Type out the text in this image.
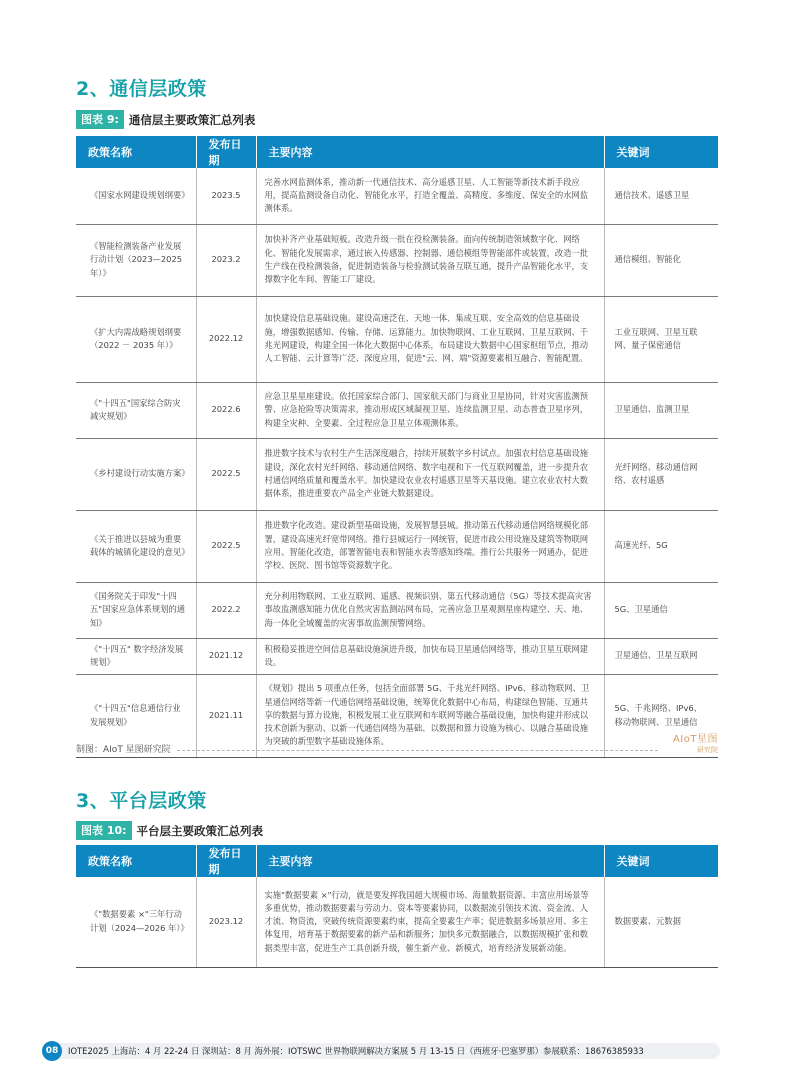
2、通信层政策
图表 9: 通信层主要政策汇总列表
政策名称	发布日期	主要内容	关键词
《国家水网建设规划纲要》	2023.5	完善水网监测体系，推动新一代通信技术、高分遥感卫星、人工智能等新技术新手段应用，提高监测设备自动化、智能化水平，打造全覆盖、高精度、多维度、保安全的水网监测体系。	通信技术、遥感卫星
《智能检测装备产业发展行动计划（2023—2025年）》	2023.2	加快补齐产业基础短板。改造升级一批在役检测装备。面向传统制造领域数字化、网络化、智能化发展需求，通过嵌入传感器、控制器、通信模组等智能部件或装置，改造一批生产线在役检测装备，促进制造装备与检验测试装备互联互通，提升产品智能化水平，支撑数字化车间、智能工厂建设。	通信模组、智能化
《扩大内需战略规划纲要（2022 － 2035 年）》	2022.12	加快建设信息基础设施。建设高速泛在、天地一体、集成互联、安全高效的信息基础设施，增强数据感知、传输、存储、运算能力。加快物联网、工业互联网、卫星互联网、千兆光网建设，构建全国一体化大数据中心体系，布局建设大数据中心国家枢纽节点，推动人工智能、云计算等广泛、深度应用，促进"云、网、端"资源要素相互融合、智能配置。	工业互联网、卫星互联网、量子保密通信
《"十四五"国家综合防灾减灾规划》	2022.6	应急卫星星座建设。依托国家综合部门、国家航天部门与商业卫星协同，针对灾害监测预警、应急抢险等决策需求，推动形成区域凝视卫星、连续监测卫星、动态普查卫星序列，构建全灾种、全要素、全过程应急卫星立体观测体系。	卫星通信、监测卫星
《乡村建设行动实施方案》	2022.5	推进数字技术与农村生产生活深度融合，持续开展数字乡村试点。加强农村信息基础设施建设，深化农村光纤网络、移动通信网络、数字电视和下一代互联网覆盖，进一步提升农村通信网络质量和覆盖水平。加快建设农业农村遥感卫星等天基设施。建立农业农村大数据体系，推进重要农产品全产业链大数据建设。	光纤网络、移动通信网络、农村遥感
《关于推进以县城为重要载体的城镇化建设的意见》	2022.5	推进数字化改造。建设新型基础设施，发展智慧县城。推动第五代移动通信网络规模化部署，建设高速光纤宽带网络。推行县城运行一网统管，促进市政公用设施及建筑等物联网应用、智能化改造，部署智能电表和智能水表等感知终端。推行公共服务一网通办，促进学校、医院、图书馆等资源数字化。	高速光纤、5G
《国务院关于印发"十四五"国家应急体系规划的通知》	2022.2	充分利用物联网、工业互联网、遥感、视频识别、第五代移动通信（5G）等技术提高灾害事故监测感知能力优化自然灾害监测站网布局，完善应急卫星观测星座构建空、天、地、海一体化全域覆盖的灾害事故监测预警网络。	5G、卫星通信
《"十四五" 数字经济发展规划》	2021.12	积极稳妥推进空间信息基础设施演进升级，加快布局卫星通信网络等，推动卫星互联网建设。	卫星通信、卫星互联网
《"十四五"信息通信行业发展规划》	2021.11	《规划》提出 5 项重点任务，包括全面部署 5G、千兆光纤网络、IPv6、移动物联网、卫星通信网络等新一代通信网络基础设施，统筹优化数据中心布局，构建绿色智能、互通共享的数据与算力设施，积极发展工业互联网和车联网等融合基础设施，加快构建并形成以技术创新为驱动、以新一代通信网络为基础、以数据和算力设施为核心、以融合基础设施为突破的新型数字基础设施体系。	5G、千兆网络、IPv6、移动物联网、卫星通信
制图：AIoT 星图研究院
AIoT星图
研究院
3、平台层政策
图表 10: 平台层主要政策汇总列表
政策名称	发布日期	主要内容	关键词
《"数据要素 ×"三年行动计划（2024—2026 年）》	2023.12	实施"数据要素 ×"行动，就是要发挥我国超大规模市场、海量数据资源、丰富应用场景等多重优势，推动数据要素与劳动力、资本等要素协同，以数据流引领技术流、资金流、人才流、物资流，突破传统资源要素约束，提高全要素生产率；促进数据多场景应用、多主体复用，培育基于数据要素的新产品和新服务；加快多元数据融合，以数据规模扩张和数据类型丰富，促进生产工具创新升级，催生新产业、新模式，培育经济发展新动能。	数据要素、元数据
08	IOTE2025 上海站：4 月 22-24 日 深圳站：8 月 海外展：IOTSWC 世界物联网解决方案展 5 月 13-15 日（西班牙·巴塞罗那）参展联系：18676385933
